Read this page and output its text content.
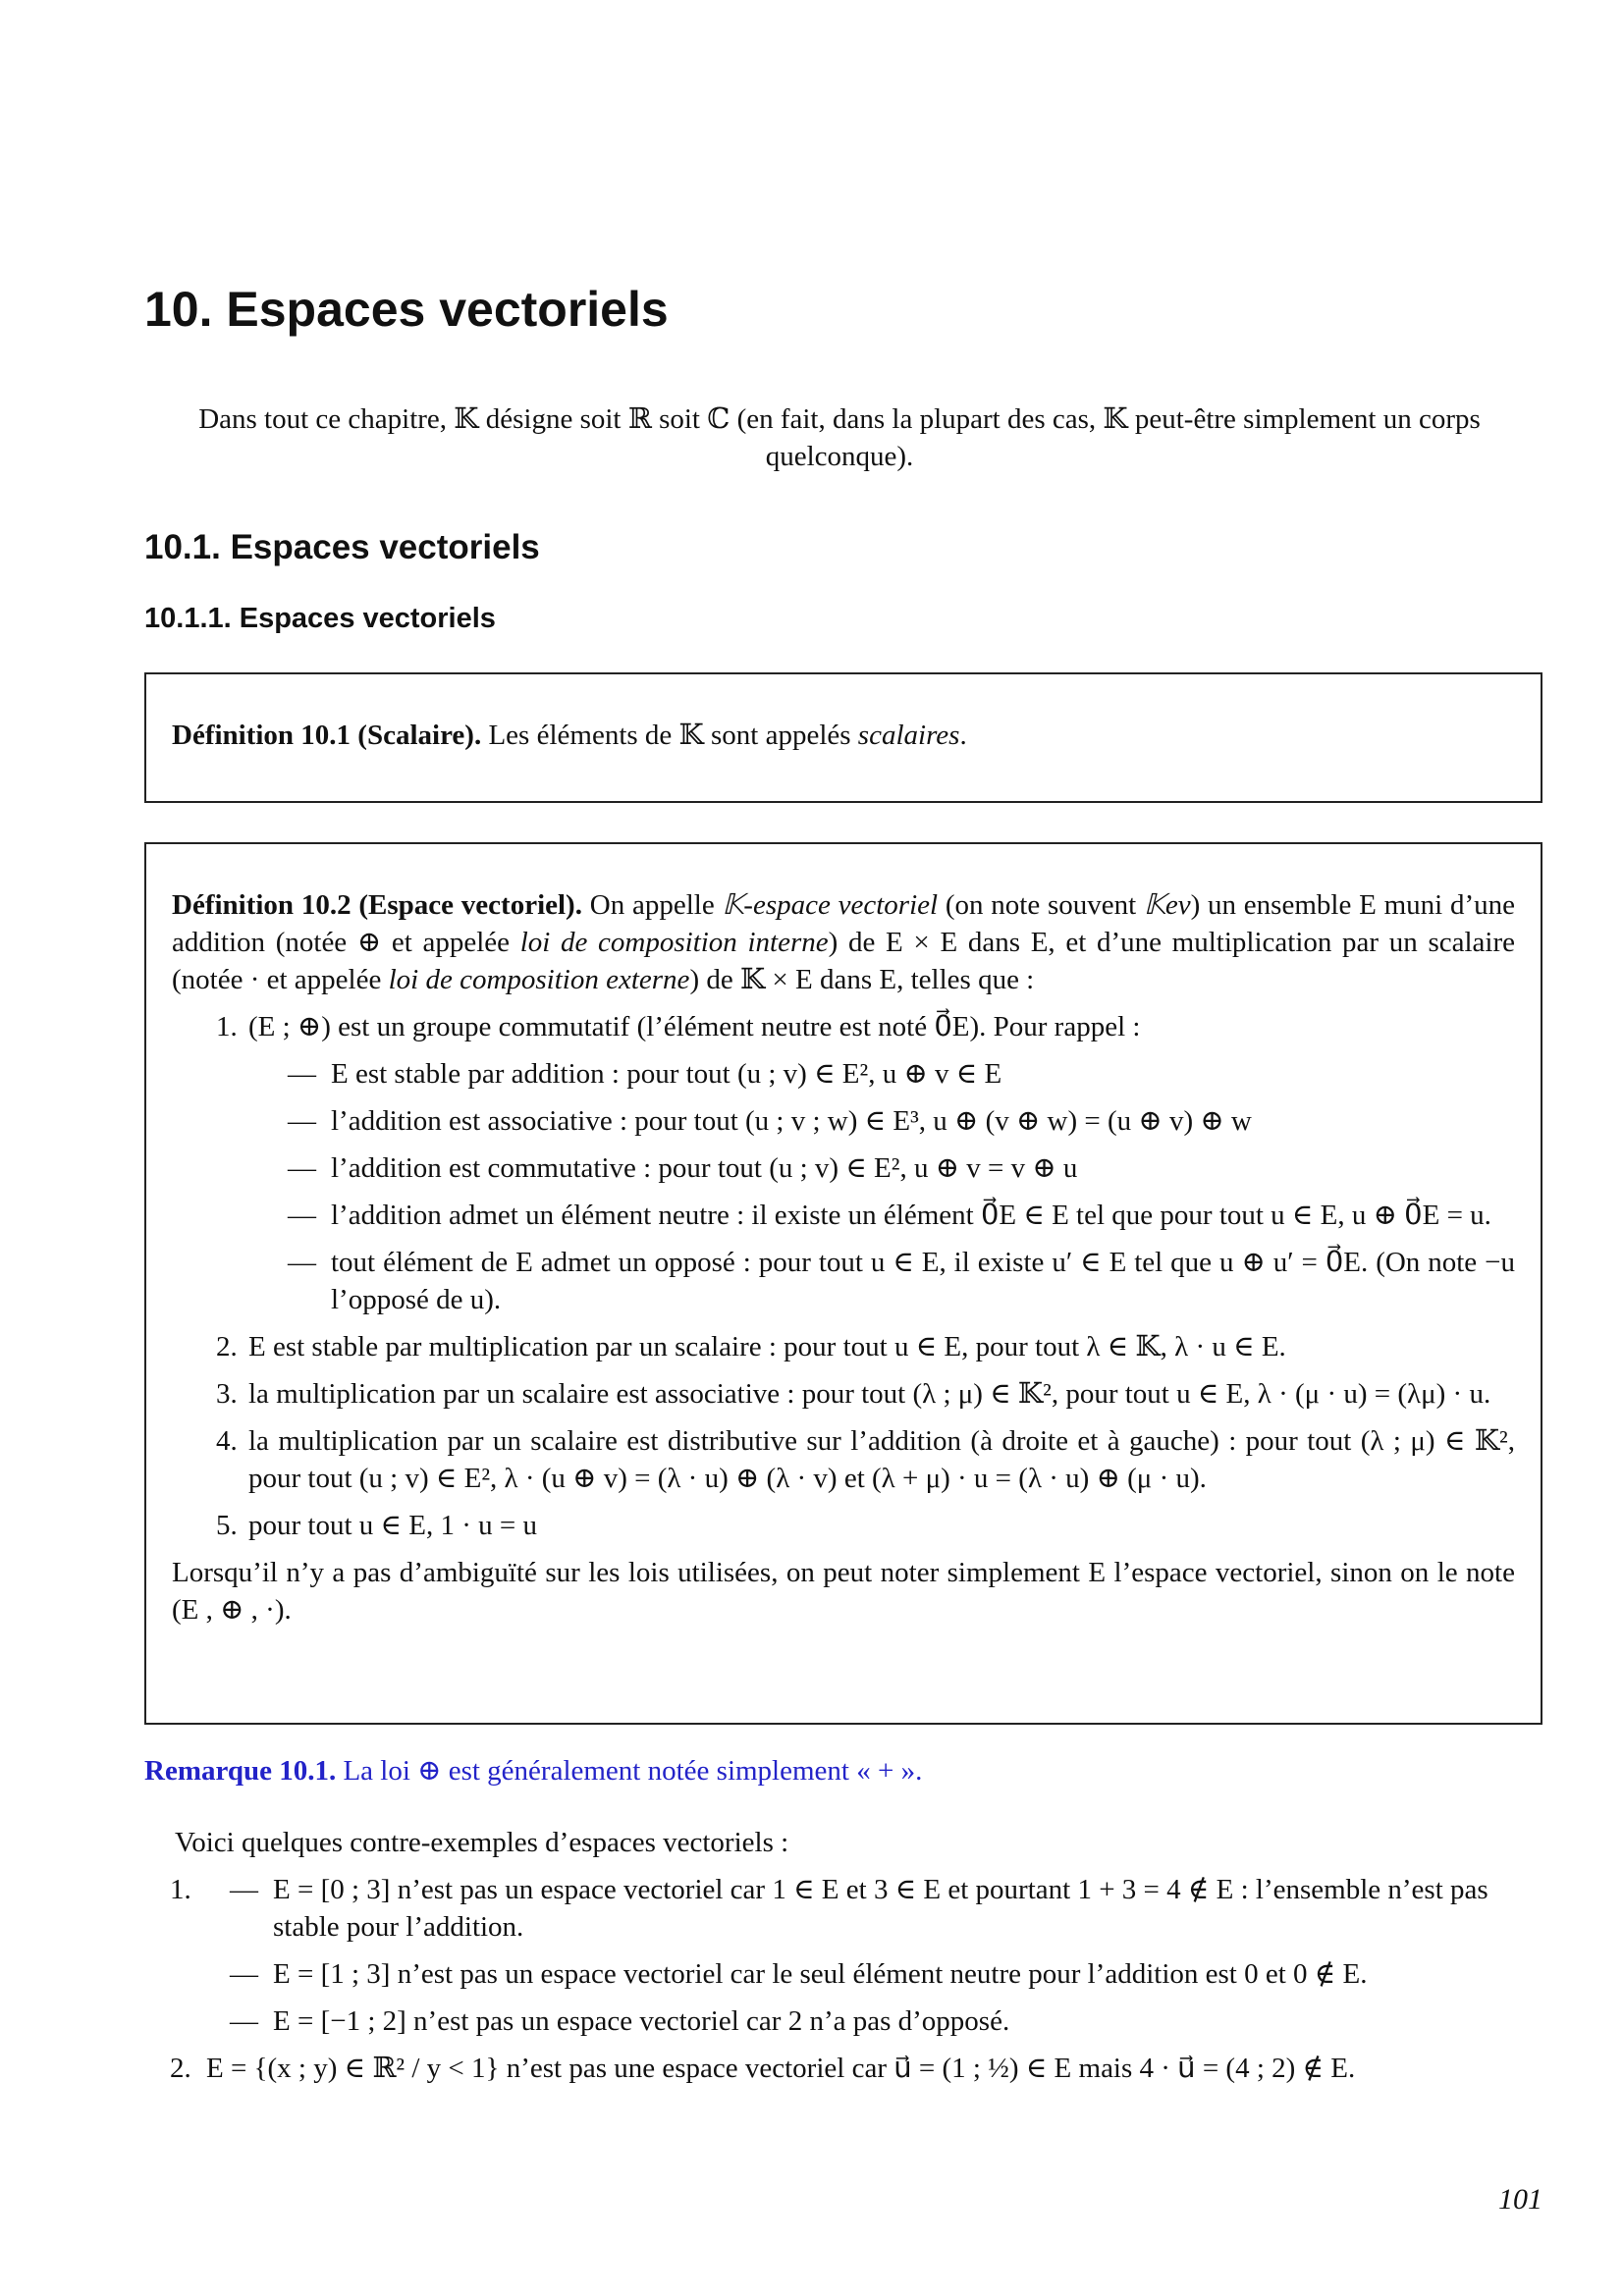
10. Espaces vectoriels

Dans tout ce chapitre, 𝕂 désigne soit ℝ soit ℂ (en fait, dans la plupart des cas, 𝕂 peut-être simplement un corps quelconque).

10.1. Espaces vectoriels
10.1.1. Espaces vectoriels
Définition 10.1 (Scalaire). Les éléments de 𝕂 sont appelés scalaires.

Définition 10.2 (Espace vectoriel). On appelle 𝕂-espace vectoriel (on note souvent 𝕂ev) un ensemble E muni d’une addition (notée ⊕ et appelée loi de composition interne) de E × E dans E, et d’une multiplication par un scalaire (notée · et appelée loi de composition externe) de 𝕂 × E dans E, telles que :

1. (E ; ⊕) est un groupe commutatif (l’élément neutre est noté 0⃗E). Pour rappel :
— E est stable par addition : pour tout (u ; v) ∈ E², u ⊕ v ∈ E
— l’addition est associative : pour tout (u ; v ; w) ∈ E³, u ⊕ (v ⊕ w) = (u ⊕ v) ⊕ w
— l’addition est commutative : pour tout (u ; v) ∈ E², u ⊕ v = v ⊕ u
— l’addition admet un élément neutre : il existe un élément 0⃗E ∈ E tel que pour tout u ∈ E, u ⊕ 0⃗E = u.
— tout élément de E admet un opposé : pour tout u ∈ E, il existe u′ ∈ E tel que u ⊕ u′ = 0⃗E. (On note −u l’opposé de u).
2. E est stable par multiplication par un scalaire : pour tout u ∈ E, pour tout λ ∈ 𝕂, λ · u ∈ E.
3. la multiplication par un scalaire est associative : pour tout (λ ; μ) ∈ 𝕂², pour tout u ∈ E, λ · (μ · u) = (λμ) · u.
4. la multiplication par un scalaire est distributive sur l’addition (à droite et à gauche) : pour tout (λ ; μ) ∈ 𝕂², pour tout (u ; v) ∈ E², λ · (u ⊕ v) = (λ · u) ⊕ (λ · v) et (λ + μ) · u = (λ · u) ⊕ (μ · u).
5. pour tout u ∈ E, 1 · u = u

Lorsqu’il n’y a pas d’ambiguïté sur les lois utilisées, on peut noter simplement E l’espace vectoriel, sinon on le note (E , ⊕ , ·).

Remarque 10.1. La loi ⊕ est généralement notée simplement « + ».

Voici quelques contre-exemples d’espaces vectoriels :

— 1. E = [0 ; 3] n’est pas un espace vectoriel car 1 ∈ E et 3 ∈ E et pourtant 1 + 3 = 4 ∉ E : l’ensemble n’est pas stable pour l’addition.
— E = [1 ; 3] n’est pas un espace vectoriel car le seul élément neutre pour l’addition est 0 et 0 ∉ E.
— E = [−1 ; 2] n’est pas un espace vectoriel car 2 n’a pas d’opposé.
2. E = {(x ; y) ∈ ℝ² / y < 1} n’est pas une espace vectoriel car u⃗ = (1 ; ½) ∈ E mais 4 · u⃗ = (4 ; 2) ∉ E.
101
